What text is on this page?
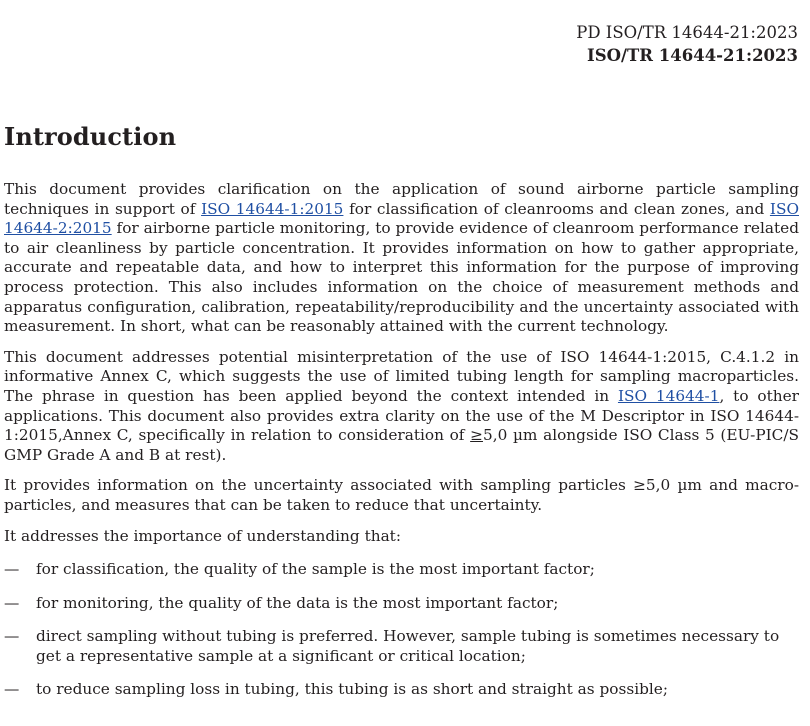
PD ISO/TR 14644-21:2023
ISO/TR 14644-21:2023
Introduction

This document provides clarification on the application of sound airborne particle sampling techniques in support of ISO 14644-1:2015 for classification of cleanrooms and clean zones, and ISO 14644-2:2015 for airborne particle monitoring, to provide evidence of cleanroom performance related to air cleanliness by particle concentration. It provides information on how to gather appropriate, accurate and repeatable data, and how to interpret this information for the purpose of improving process protection. This also includes information on the choice of measurement methods and apparatus configuration, calibration, repeatability/reproducibility and the uncertainty associated with measurement. In short, what can be reasonably attained with the current technology.

This document addresses potential misinterpretation of the use of ISO 14644-1:2015, C.4.1.2 in informative Annex C, which suggests the use of limited tubing length for sampling macroparticles. The phrase in question has been applied beyond the context intended in ISO 14644-1, to other applications. This document also provides extra clarity on the use of the M Descriptor in ISO 14644-1:2015,Annex C, specifically in relation to consideration of ≥5,0 µm alongside ISO Class 5 (EU-PIC/S GMP Grade A and B at rest).

It provides information on the uncertainty associated with sampling particles ≥5,0 µm and macro-particles, and measures that can be taken to reduce that uncertainty.

It addresses the importance of understanding that:

—	for classification, the quality of the sample is the most important factor;
—	for monitoring, the quality of the data is the most important factor;
—	direct sampling without tubing is preferred. However, sample tubing is sometimes necessary to get a representative sample at a significant or critical location;
—	to reduce sampling loss in tubing, this tubing is as short and straight as possible;
